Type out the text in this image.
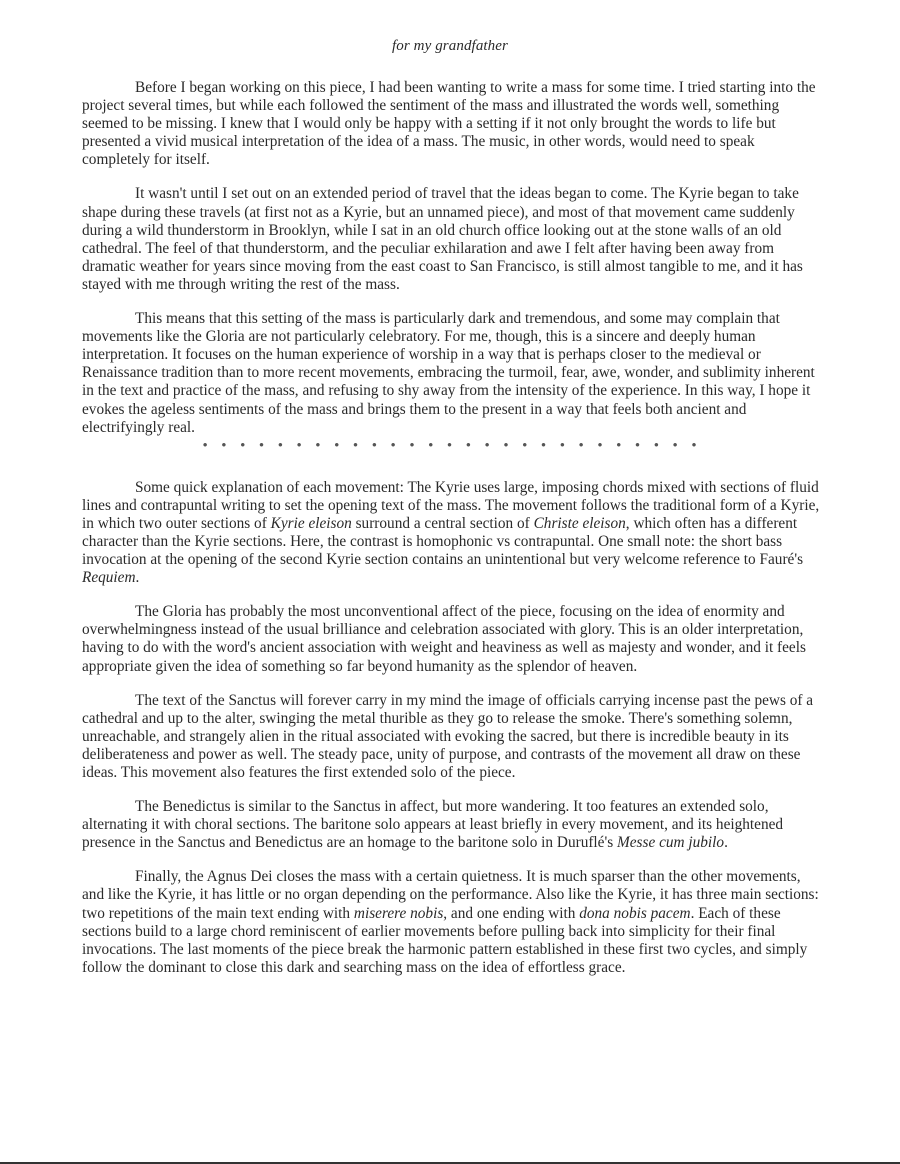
for my grandfather

Before I began working on this piece, I had been wanting to write a mass for some time. I tried starting into the project several times, but while each followed the sentiment of the mass and illustrated the words well, something seemed to be missing. I knew that I would only be happy with a setting if it not only brought the words to life but presented a vivid musical interpretation of the idea of a mass. The music, in other words, would need to speak completely for itself.

It wasn't until I set out on an extended period of travel that the ideas began to come. The Kyrie began to take shape during these travels (at first not as a Kyrie, but an unnamed piece), and most of that movement came suddenly during a wild thunderstorm in Brooklyn, while I sat in an old church office looking out at the stone walls of an old cathedral. The feel of that thunderstorm, and the peculiar exhilaration and awe I felt after having been away from dramatic weather for years since moving from the east coast to San Francisco, is still almost tangible to me, and it has stayed with me through writing the rest of the mass.

This means that this setting of the mass is particularly dark and tremendous, and some may complain that movements like the Gloria are not particularly celebratory. For me, though, this is a sincere and deeply human interpretation. It focuses on the human experience of worship in a way that is perhaps closer to the medieval or Renaissance tradition than to more recent movements, embracing the turmoil, fear, awe, wonder, and sublimity inherent in the text and practice of the mass, and refusing to shy away from the intensity of the experience. In this way, I hope it evokes the ageless sentiments of the mass and brings them to the present in a way that feels both ancient and electrifyingly real.

• • • • • • • • • • • • • • • • • • • • • • • • • • •

Some quick explanation of each movement: The Kyrie uses large, imposing chords mixed with sections of fluid lines and contrapuntal writing to set the opening text of the mass. The movement follows the traditional form of a Kyrie, in which two outer sections of Kyrie eleison surround a central section of Christe eleison, which often has a different character than the Kyrie sections. Here, the contrast is homophonic vs contrapuntal. One small note: the short bass invocation at the opening of the second Kyrie section contains an unintentional but very welcome reference to Fauré's Requiem.

The Gloria has probably the most unconventional affect of the piece, focusing on the idea of enormity and overwhelmingness instead of the usual brilliance and celebration associated with glory. This is an older interpretation, having to do with the word's ancient association with weight and heaviness as well as majesty and wonder, and it feels appropriate given the idea of something so far beyond humanity as the splendor of heaven.

The text of the Sanctus will forever carry in my mind the image of officials carrying incense past the pews of a cathedral and up to the alter, swinging the metal thurible as they go to release the smoke. There's something solemn, unreachable, and strangely alien in the ritual associated with evoking the sacred, but there is incredible beauty in its deliberateness and power as well. The steady pace, unity of purpose, and contrasts of the movement all draw on these ideas. This movement also features the first extended solo of the piece.

The Benedictus is similar to the Sanctus in affect, but more wandering. It too features an extended solo, alternating it with choral sections. The baritone solo appears at least briefly in every movement, and its heightened presence in the Sanctus and Benedictus are an homage to the baritone solo in Duruflé's Messe cum jubilo.

Finally, the Agnus Dei closes the mass with a certain quietness. It is much sparser than the other movements, and like the Kyrie, it has little or no organ depending on the performance. Also like the Kyrie, it has three main sections: two repetitions of the main text ending with miserere nobis, and one ending with dona nobis pacem. Each of these sections build to a large chord reminiscent of earlier movements before pulling back into simplicity for their final invocations. The last moments of the piece break the harmonic pattern established in these first two cycles, and simply follow the dominant to close this dark and searching mass on the idea of effortless grace.
